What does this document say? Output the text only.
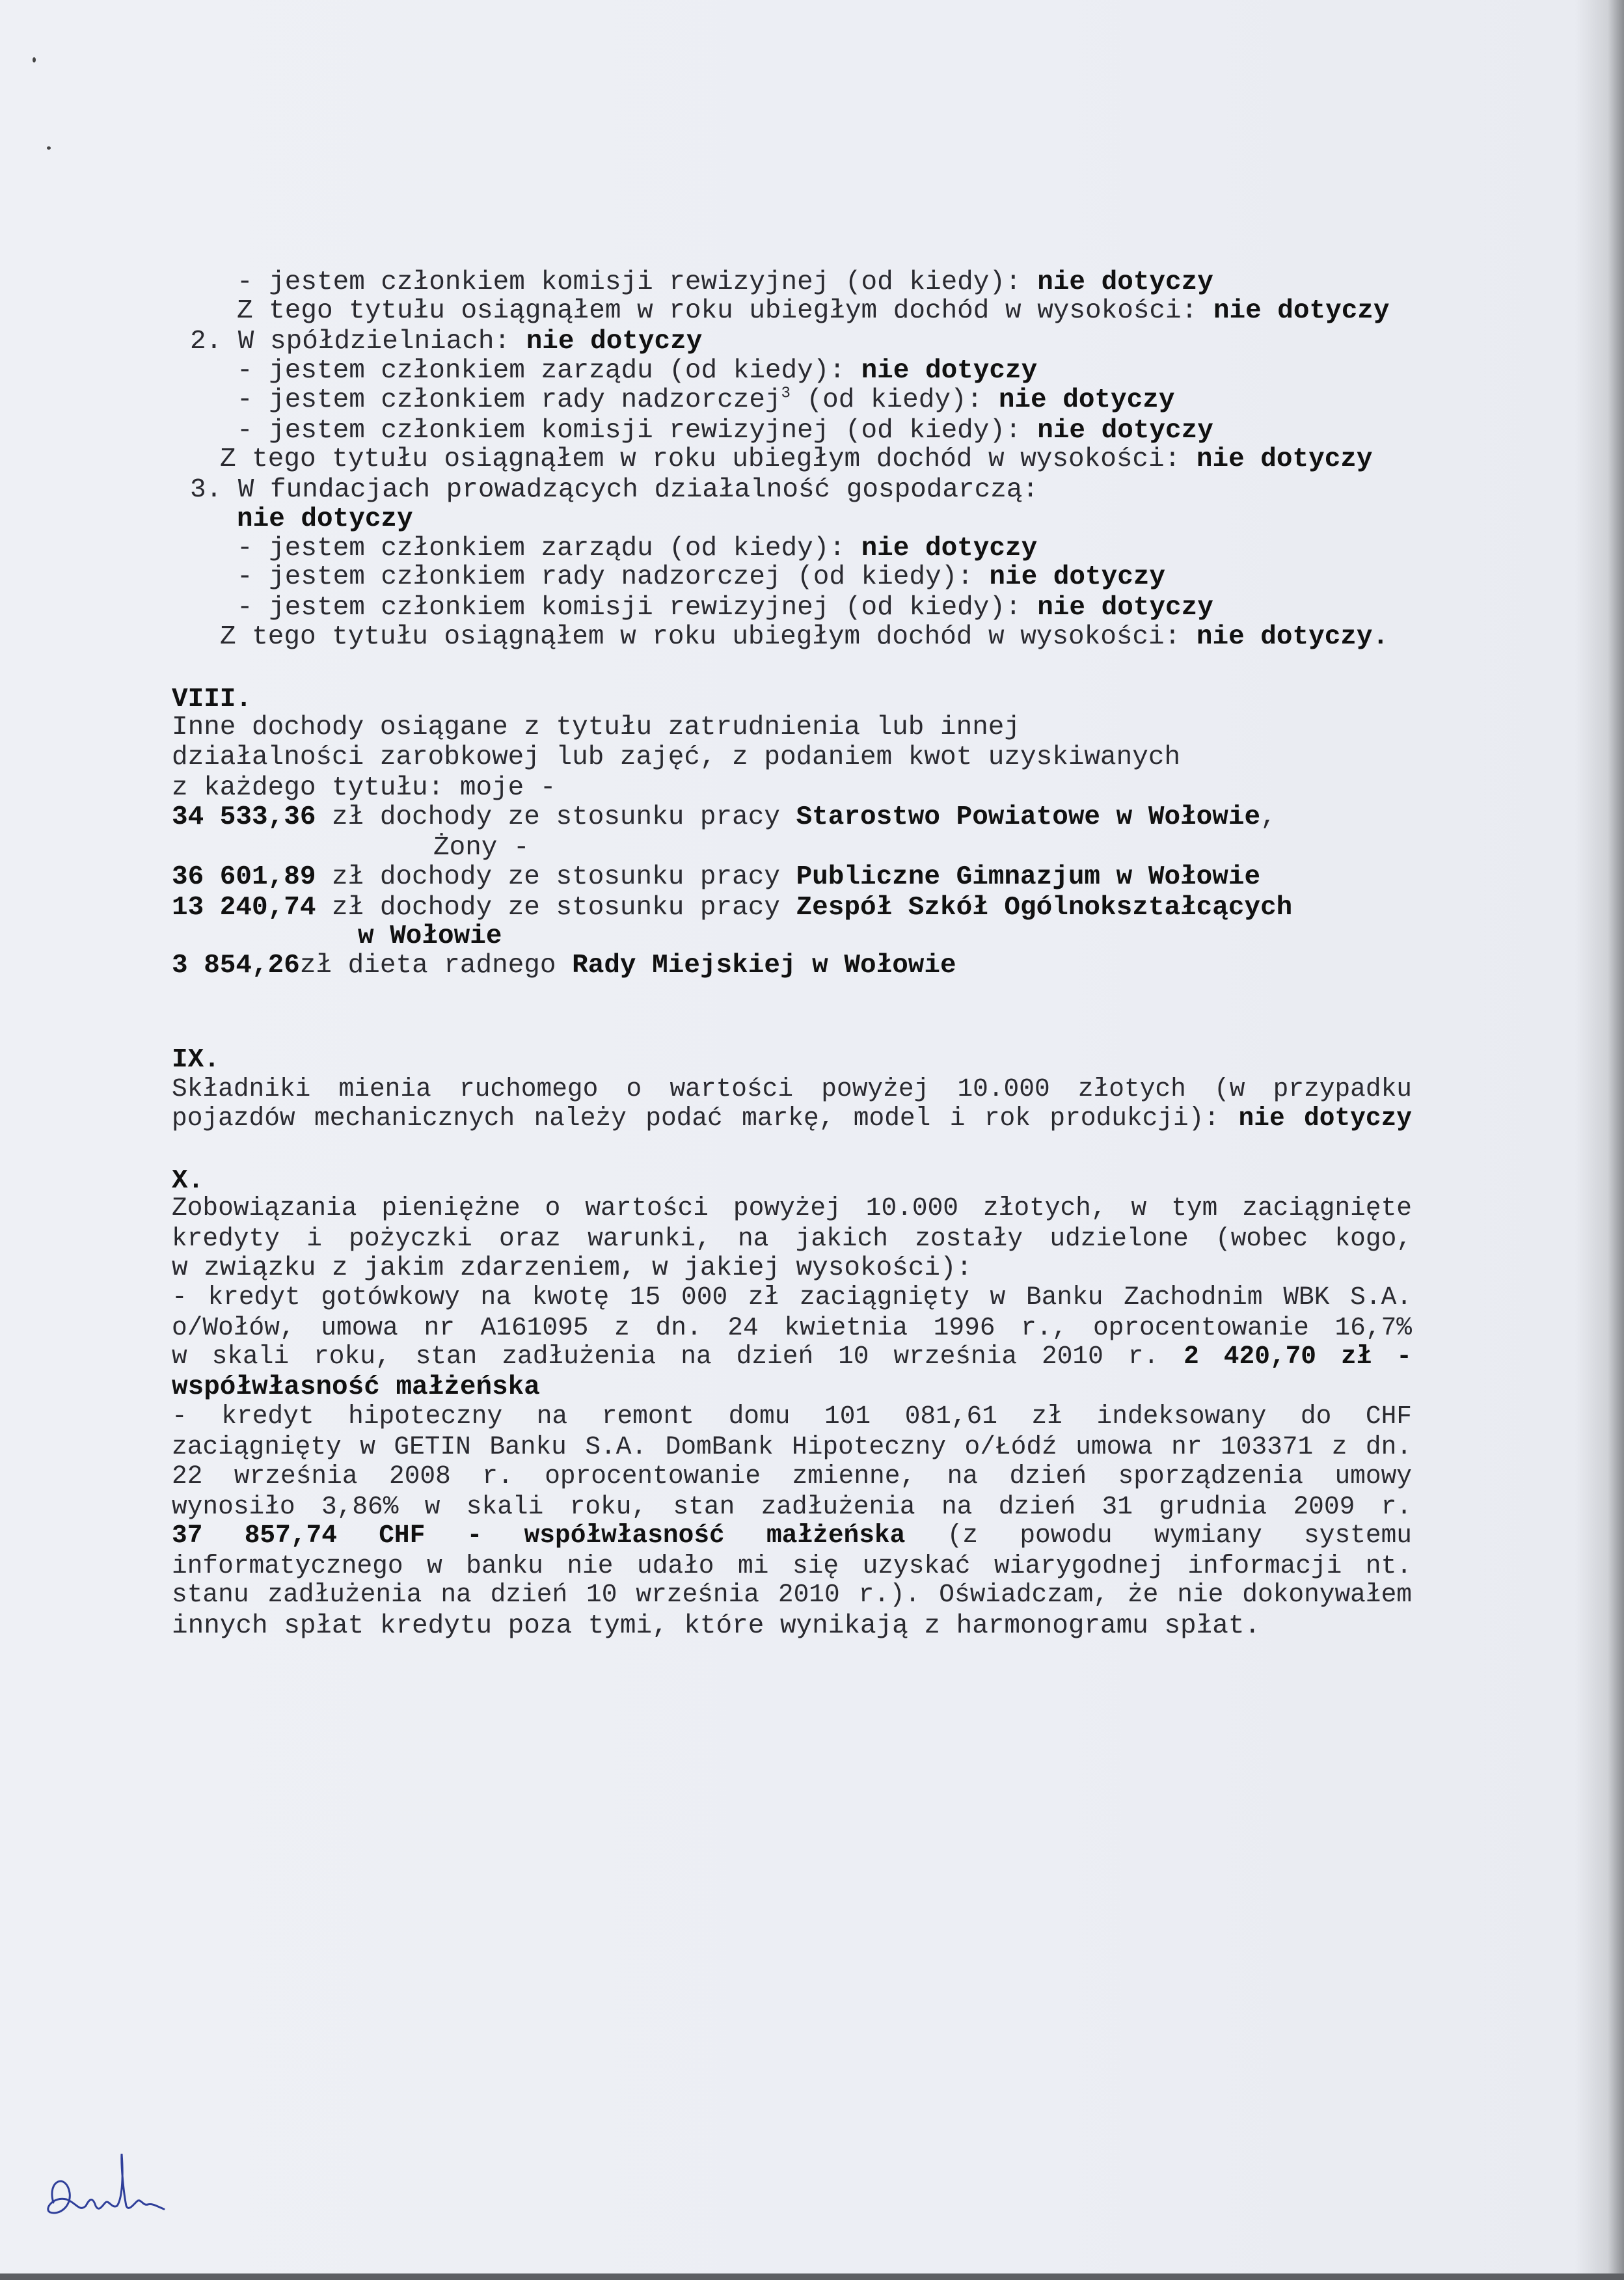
- jestem członkiem komisji rewizyjnej (od kiedy): nie dotyczy
Z tego tytułu osiągnąłem w roku ubiegłym dochód w wysokości: nie dotyczy
2. W spółdzielniach: nie dotyczy
- jestem członkiem zarządu (od kiedy): nie dotyczy
- jestem członkiem rady nadzorczej$^3$ (od kiedy): nie dotyczy
- jestem członkiem komisji rewizyjnej (od kiedy): nie dotyczy
Z tego tytułu osiągnąłem w roku ubiegłym dochód w wysokości: nie dotyczy
3. W fundacjach prowadzących działalność gospodarczą:
nie dotyczy
- jestem członkiem zarządu (od kiedy): nie dotyczy
- jestem członkiem rady nadzorczej (od kiedy): nie dotyczy
- jestem członkiem komisji rewizyjnej (od kiedy): nie dotyczy
Z tego tytułu osiągnąłem w roku ubiegłym dochód w wysokości: nie dotyczy.
VIII.
Inne dochody osiągane z tytułu zatrudnienia lub innej
działalności zarobkowej lub zajęć, z podaniem kwot uzyskiwanych
z każdego tytułu: moje -
34 533,36 zł dochody ze stosunku pracy Starostwo Powiatowe w Wołowie,
Żony -
36 601,89 zł dochody ze stosunku pracy Publiczne Gimnazjum w Wołowie
13 240,74 zł dochody ze stosunku pracy Zespół Szkół Ogólnokształcących
w Wołowie
3 854,26zł dieta radnego Rady Miejskiej w Wołowie
IX.
Składniki mienia ruchomego o wartości powyżej 10.000 złotych (w przypadku
pojazdów mechanicznych należy podać markę, model i rok produkcji): nie dotyczy
X.
Zobowiązania pieniężne o wartości powyżej 10.000 złotych, w tym zaciągnięte
kredyty i pożyczki oraz warunki, na jakich zostały udzielone (wobec kogo,
w związku z jakim zdarzeniem, w jakiej wysokości):
- kredyt gotówkowy na kwotę 15 000 zł zaciągnięty w Banku Zachodnim WBK S.A.
o/Wołów, umowa nr A161095 z dn. 24 kwietnia 1996 r., oprocentowanie 16,7%
w skali roku, stan zadłużenia na dzień 10 września 2010 r. 2 420,70 zł -
współwłasność małżeńska
- kredyt hipoteczny na remont domu 101 081,61 zł indeksowany do CHF
zaciągnięty w GETIN Banku S.A. DomBank Hipoteczny o/Łódź umowa nr 103371 z dn.
22 września 2008 r. oprocentowanie zmienne, na dzień sporządzenia umowy
wynosiło 3,86% w skali roku, stan zadłużenia na dzień 31 grudnia 2009 r.
37 857,74 CHF - współwłasność małżeńska (z powodu wymiany systemu
informatycznego w banku nie udało mi się uzyskać wiarygodnej informacji nt.
stanu zadłużenia na dzień 10 września 2010 r.). Oświadczam, że nie dokonywałem
innych spłat kredytu poza tymi, które wynikają z harmonogramu spłat.
